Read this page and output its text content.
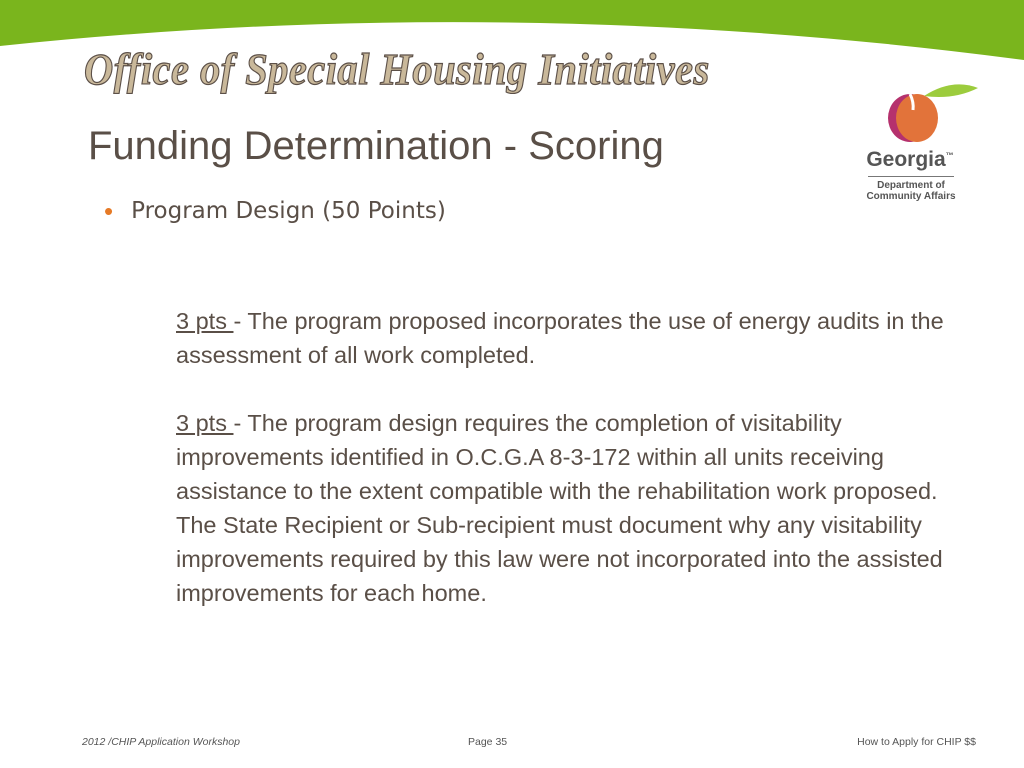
Office of Special Housing Initiatives
Funding Determination - Scoring	Georgia™
Department of Community Affairs
• Program Design (50 Points)

3 pts - The program proposed incorporates the use of energy audits in the assessment of all work completed.

3 pts - The program design requires the completion of visitability improvements identified in O.C.G.A 8-3-172 within all units receiving assistance to the extent compatible with the rehabilitation work proposed. The State Recipient or Sub-recipient must document why any visitability improvements required by this law were not incorporated into the assisted improvements for each home.

2012 /CHIP Application Workshop	Page 35	How to Apply for CHIP $$
